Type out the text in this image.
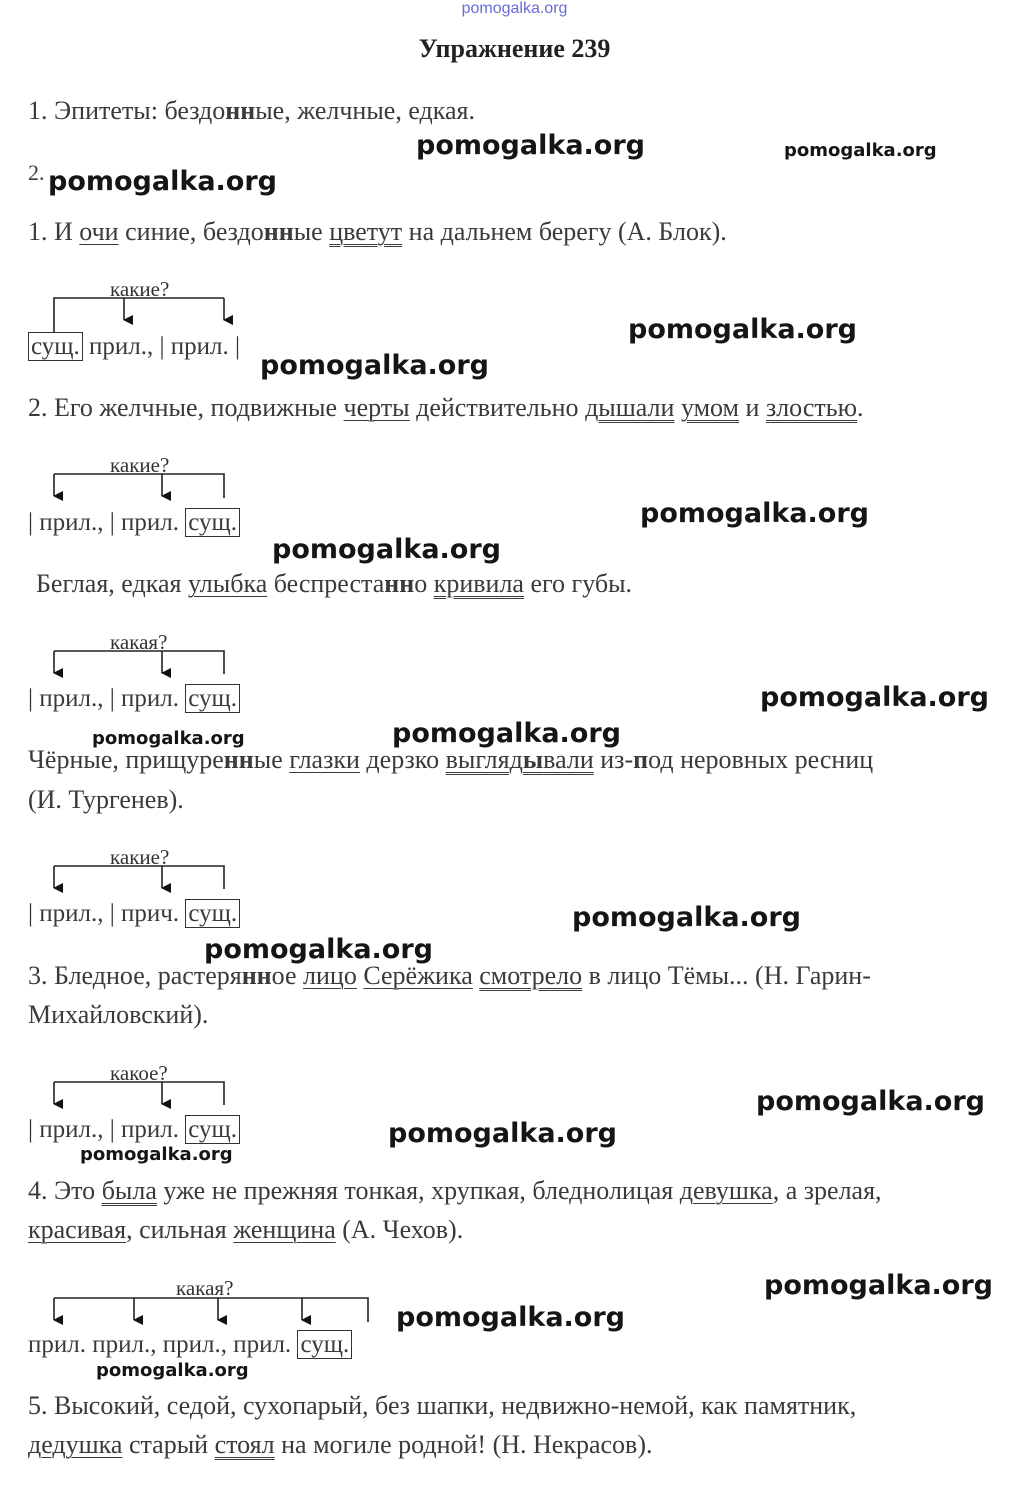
pomogalka.org
Упражнение 239
1. Эпитеты: бездонные, желчные, едкая.
2.
1. И очи синие, бездонные цветут на дальнем берегу (А. Блок).
какие?
сущ. прил., | прил. |
2. Его желчные, подвижные черты действительно дышали умом и злостью.
какие?
| прил., | прил. сущ.
Беглая, едкая улыбка беспрестанно кривила его губы.
какая?
| прил., | прил. сущ.
Чёрные, прищуренные глазки дерзко выглядывали из-под неровных ресниц
(И. Тургенев).
какие?
| прил., | прич. сущ.
3. Бледное, растерянное лицо Серёжика смотрело в лицо Тёмы... (Н. Гарин-
Михайловский).
какое?
| прил., | прил. сущ.
4. Это была уже не прежняя тонкая, хрупкая, бледнолицая девушка, а зрелая,
красивая, сильная женщина (А. Чехов).
какая?
прил. прил., прил., прил. сущ.
5. Высокий, седой, сухопарый, без шапки, недвижно-немой, как памятник,
дедушка старый стоял на могиле родной! (Н. Некрасов).
pomogalka.org	pomogalka.org
pomogalka.org
pomogalka.org
pomogalka.org
pomogalka.org
pomogalka.org
pomogalka.org
pomogalka.org	pomogalka.org
pomogalka.org
pomogalka.org
pomogalka.org
pomogalka.org
pomogalka.org
pomogalka.org
pomogalka.org
pomogalka.org
